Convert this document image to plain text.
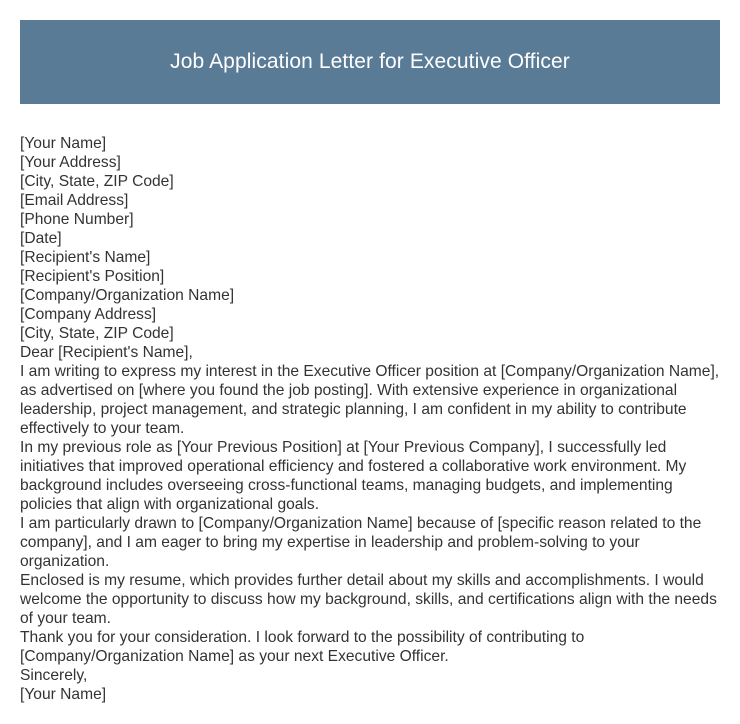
Job Application Letter for Executive Officer
[Your Name]
[Your Address]
[City, State, ZIP Code]
[Email Address]
[Phone Number]
[Date]
[Recipient's Name]
[Recipient's Position]
[Company/Organization Name]
[Company Address]
[City, State, ZIP Code]
Dear [Recipient's Name],
I am writing to express my interest in the Executive Officer position at [Company/Organization Name], as advertised on [where you found the job posting]. With extensive experience in organizational leadership, project management, and strategic planning, I am confident in my ability to contribute effectively to your team.
In my previous role as [Your Previous Position] at [Your Previous Company], I successfully led initiatives that improved operational efficiency and fostered a collaborative work environment. My background includes overseeing cross-functional teams, managing budgets, and implementing policies that align with organizational goals.
I am particularly drawn to [Company/Organization Name] because of [specific reason related to the company], and I am eager to bring my expertise in leadership and problem-solving to your organization.
Enclosed is my resume, which provides further detail about my skills and accomplishments. I would welcome the opportunity to discuss how my background, skills, and certifications align with the needs of your team.
Thank you for your consideration. I look forward to the possibility of contributing to [Company/Organization Name] as your next Executive Officer.
Sincerely,
[Your Name]
